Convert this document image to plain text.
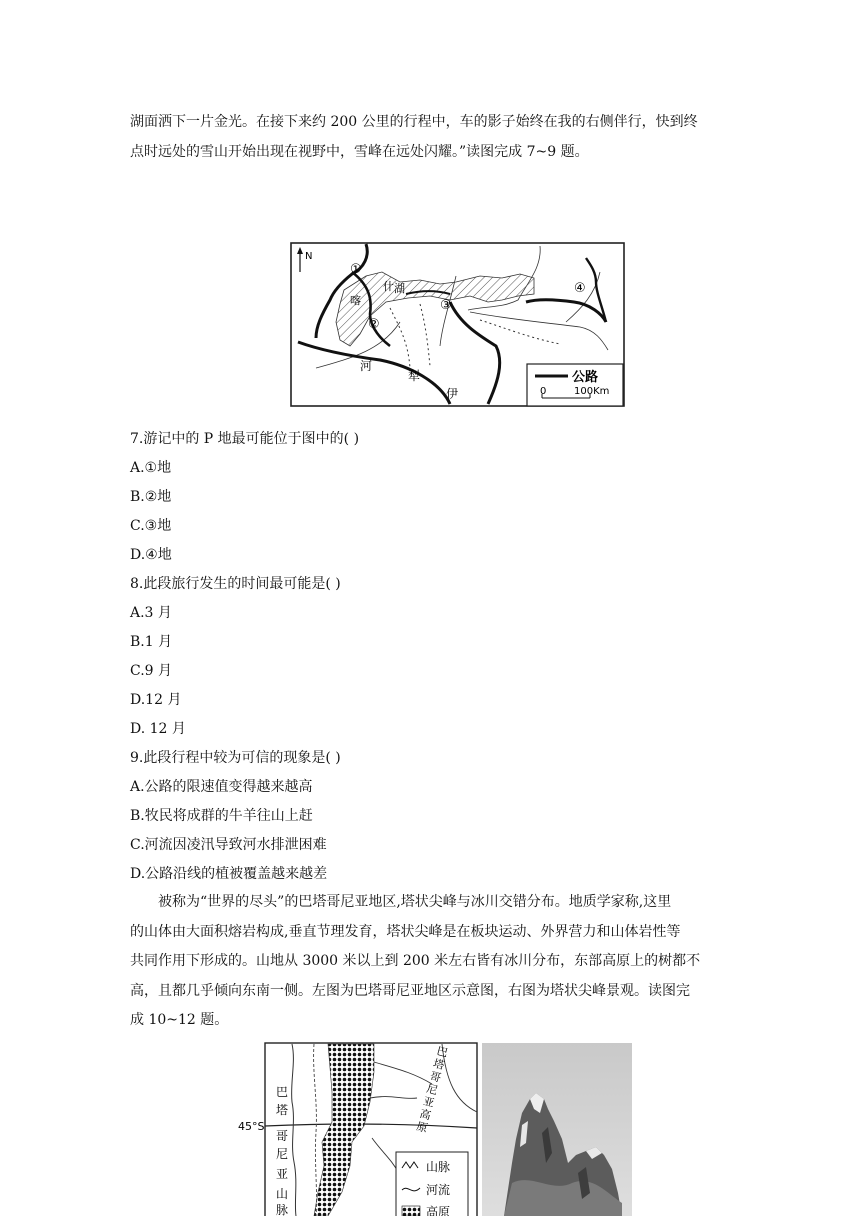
湖面洒下一片金光。在接下来约 200 公里的行程中，车的影子始终在我的右侧伴行，快到终
点时远处的雪山开始出现在视野中，雪峰在远处闪耀。”读图完成 7~9 题。
N
①
②
③
④
喀
什 湖
河
犁
伊
公路
0	100Km
7.游记中的 P 地最可能位于图中的( )
A.①地
B.②地
C.③地
D.④地
8.此段旅行发生的时间最可能是( )
A.3 月
B.1 月
C.9 月
D.12 月
D. 12 月
9.此段行程中较为可信的现象是( )
A.公路的限速值变得越来越高
B.牧民将成群的牛羊往山上赶
C.河流因凌汛导致河水排泄困难
D.公路沿线的植被覆盖越来越差

被称为“世界的尽头”的巴塔哥尼亚地区,塔状尖峰与冰川交错分布。地质学家称,这里

的山体由大面积熔岩构成,垂直节理发育，塔状尖峰是在板块运动、外界营力和山体岩性等

共同作用下形成的。山地从 3000 米以上到 200 米左右皆有冰川分布，东部高原上的树都不

高，且都几乎倾向东南一侧。左图为巴塔哥尼亚地区示意图，右图为塔状尖峰景观。读图完

成 10~12 题。

45°S
巴
塔
哥
尼
亚
山
脉
巴
塔
哥
尼
亚
高
原
山脉
河流
高原
